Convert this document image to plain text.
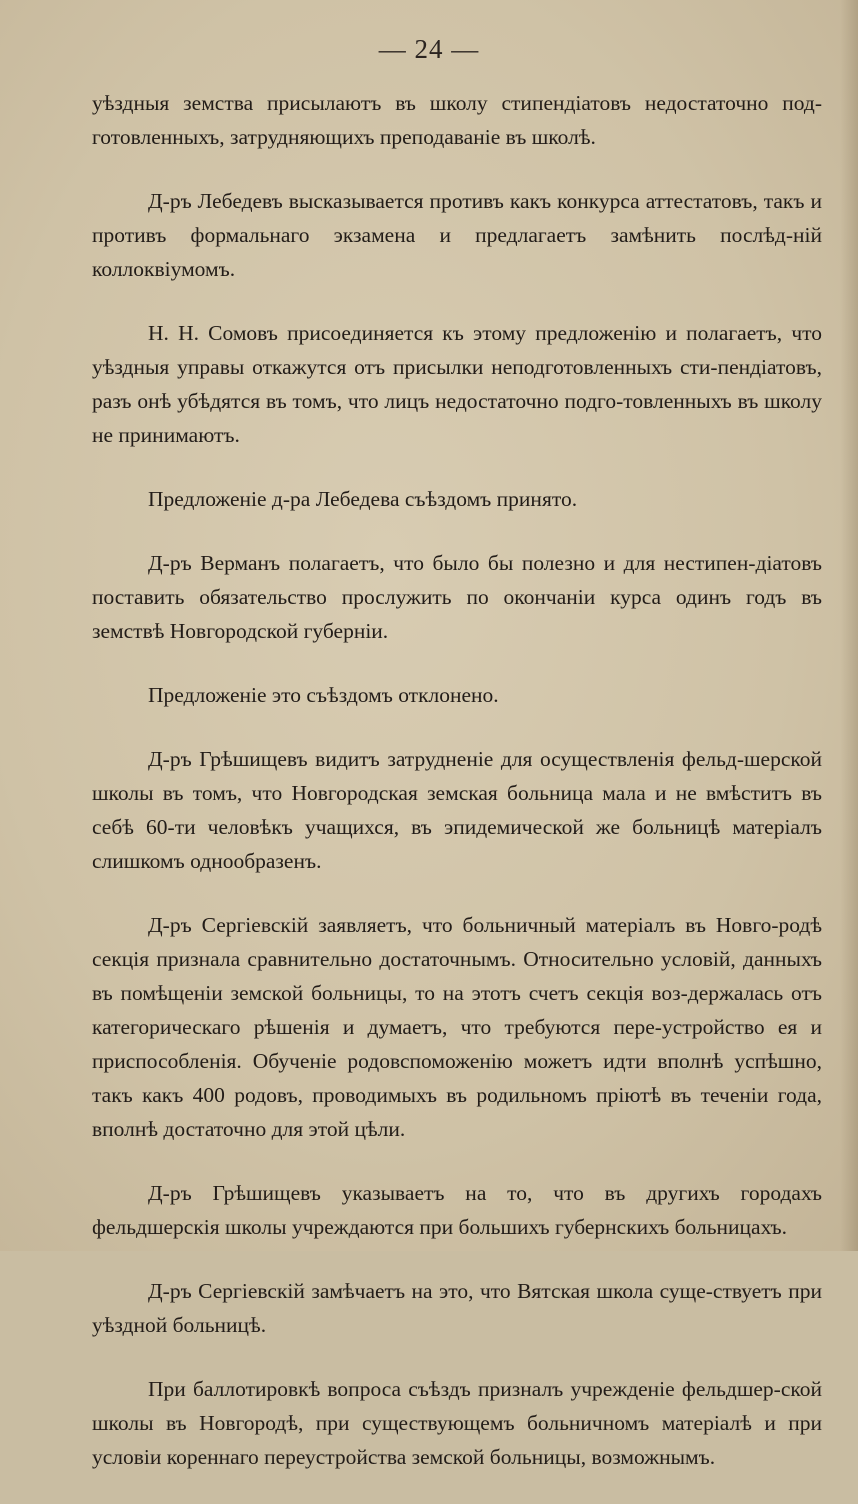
— 24 —

уѣздныя земства присылаютъ въ школу стипендіатовъ недостаточно под-готовленныхъ, затрудняющихъ преподаваніе въ школѣ.

Д-ръ Лебедевъ высказывается противъ какъ конкурса аттестатовъ, такъ и противъ формальнаго экзамена и предлагаетъ замѣнить послѣд-ній коллоквіумомъ.

Н. Н. Сомовъ присоединяется къ этому предложенію и полагаетъ, что уѣздныя управы откажутся отъ присылки неподготовленныхъ сти-пендіатовъ, разъ онѣ убѣдятся въ томъ, что лицъ недостаточно подго-товленныхъ въ школу не принимаютъ.

Предложеніе д-ра Лебедева съѣздомъ принято.

Д-ръ Верманъ полагаетъ, что было бы полезно и для нестипен-діатовъ поставить обязательство прослужить по окончаніи курса одинъ годъ въ земствѣ Новгородской губерніи.

Предложеніе это съѣздомъ отклонено.

Д-ръ Грѣшищевъ видитъ затрудненіе для осуществленія фельд-шерской школы въ томъ, что Новгородская земская больница мала и не вмѣститъ въ себѣ 60-ти человѣкъ учащихся, въ эпидемической же больницѣ матеріалъ слишкомъ однообразенъ.

Д-ръ Сергіевскій заявляетъ, что больничный матеріалъ въ Новго-родѣ секція признала сравнительно достаточнымъ. Относительно условій, данныхъ въ помѣщеніи земской больницы, то на этотъ счетъ секція воз-держалась отъ категорическаго рѣшенія и думаетъ, что требуются пере-устройство ея и приспособленія. Обученіе родовспоможенію можетъ идти вполнѣ успѣшно, такъ какъ 400 родовъ, проводимыхъ въ родильномъ пріютѣ въ теченіи года, вполнѣ достаточно для этой цѣли.

Д-ръ Грѣшищевъ указываетъ на то, что въ другихъ городахъ фельдшерскія школы учреждаются при большихъ губернскихъ больницахъ.

Д-ръ Сергіевскій замѣчаетъ на это, что Вятская школа суще-ствуетъ при уѣздной больницѣ.

При баллотировкѣ вопроса съѣздъ призналъ учрежденіе фельдшер-ской школы въ Новгородѣ, при существующемъ больничномъ матеріалѣ и при условіи кореннаго переустройства земской больницы, возможнымъ.
